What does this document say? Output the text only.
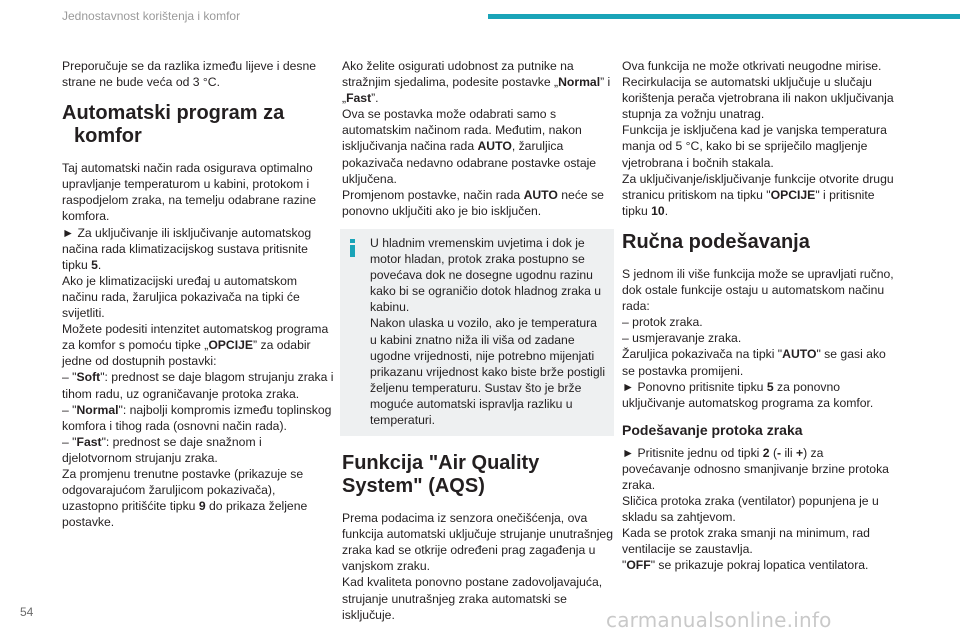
Jednostavnost korištenja i komfor

Preporučuje se da razlika između lijeve i desne strane ne bude veća od 3 °C.

Automatski program za komfor

Taj automatski način rada osigurava optimalno upravljanje temperaturom u kabini, protokom i raspodjelom zraka, na temelju odabrane razine komfora.

► Za uključivanje ili isključivanje automatskog načina rada klimatizacijskog sustava pritisnite tipku 5.

Ako je klimatizacijski uređaj u automatskom načinu rada, žaruljica pokazivača na tipki će svijetliti.

Možete podesiti intenzitet automatskog programa za komfor s pomoću tipke „OPCIJE” za odabir jedne od dostupnih postavki:

– "Soft": prednost se daje blagom strujanju zraka i tihom radu, uz ograničavanje protoka zraka.

– "Normal": najbolji kompromis između toplinskog komfora i tihog rada (osnovni način rada).

– "Fast": prednost se daje snažnom i djelotvornom strujanju zraka.

Za promjenu trenutne postavke (prikazuje se odgovarajućom žaruljicom pokazivača), uzastopno pritišćite tipku 9 do prikaza željene postavke.

Ako želite osigurati udobnost za putnike na stražnjim sjedalima, podesite postavke „Normal” i „Fast”.

Ova se postavka može odabrati samo s automatskim načinom rada. Međutim, nakon isključivanja načina rada AUTO, žaruljica pokazivača nedavno odabrane postavke ostaje uključena.

Promjenom postavke, način rada AUTO neće se ponovno uključiti ako je bio isključen.

U hladnim vremenskim uvjetima i dok je motor hladan, protok zraka postupno se povećava dok ne dosegne ugodnu razinu kako bi se ograničio dotok hladnog zraka u kabinu.

Nakon ulaska u vozilo, ako je temperatura u kabini znatno niža ili viša od zadane ugodne vrijednosti, nije potrebno mijenjati prikazanu vrijednost kako biste brže postigli željenu temperaturu. Sustav što je brže moguće automatski ispravlja razliku u temperaturi.

Funkcija "Air Quality System" (AQS)

Prema podacima iz senzora onečišćenja, ova funkcija automatski uključuje strujanje unutrašnjeg zraka kad se otkrije određeni prag zagađenja u vanjskom zraku.

Kad kvaliteta ponovno postane zadovoljavajuća, strujanje unutrašnjeg zraka automatski se isključuje.

Ova funkcija ne može otkrivati neugodne mirise.

Recirkulacija se automatski uključuje u slučaju korištenja perača vjetrobrana ili nakon uključivanja stupnja za vožnju unatrag.

Funkcija je isključena kad je vanjska temperatura manja od 5 °C, kako bi se spriječilo magljenje vjetrobrana i bočnih stakala.

Za uključivanje/isključivanje funkcije otvorite drugu stranicu pritiskom na tipku "OPCIJE" i pritisnite tipku 10.

Ručna podešavanja

S jednom ili više funkcija može se upravljati ručno, dok ostale funkcije ostaju u automatskom načinu rada:

– protok zraka.

– usmjeravanje zraka.

Žaruljica pokazivača na tipki "AUTO" se gasi ako se postavka promijeni.

► Ponovno pritisnite tipku 5 za ponovno uključivanje automatskog programa za komfor.

Podešavanje protoka zraka

► Pritisnite jednu od tipki 2 (- ili +) za povećavanje odnosno smanjivanje brzine protoka zraka.

Sličica protoka zraka (ventilator) popunjena je u skladu sa zahtjevom.

Kada se protok zraka smanji na minimum, rad ventilacije se zaustavlja.

"OFF" se prikazuje pokraj lopatica ventilatora.

54	carmanualsonline.info
